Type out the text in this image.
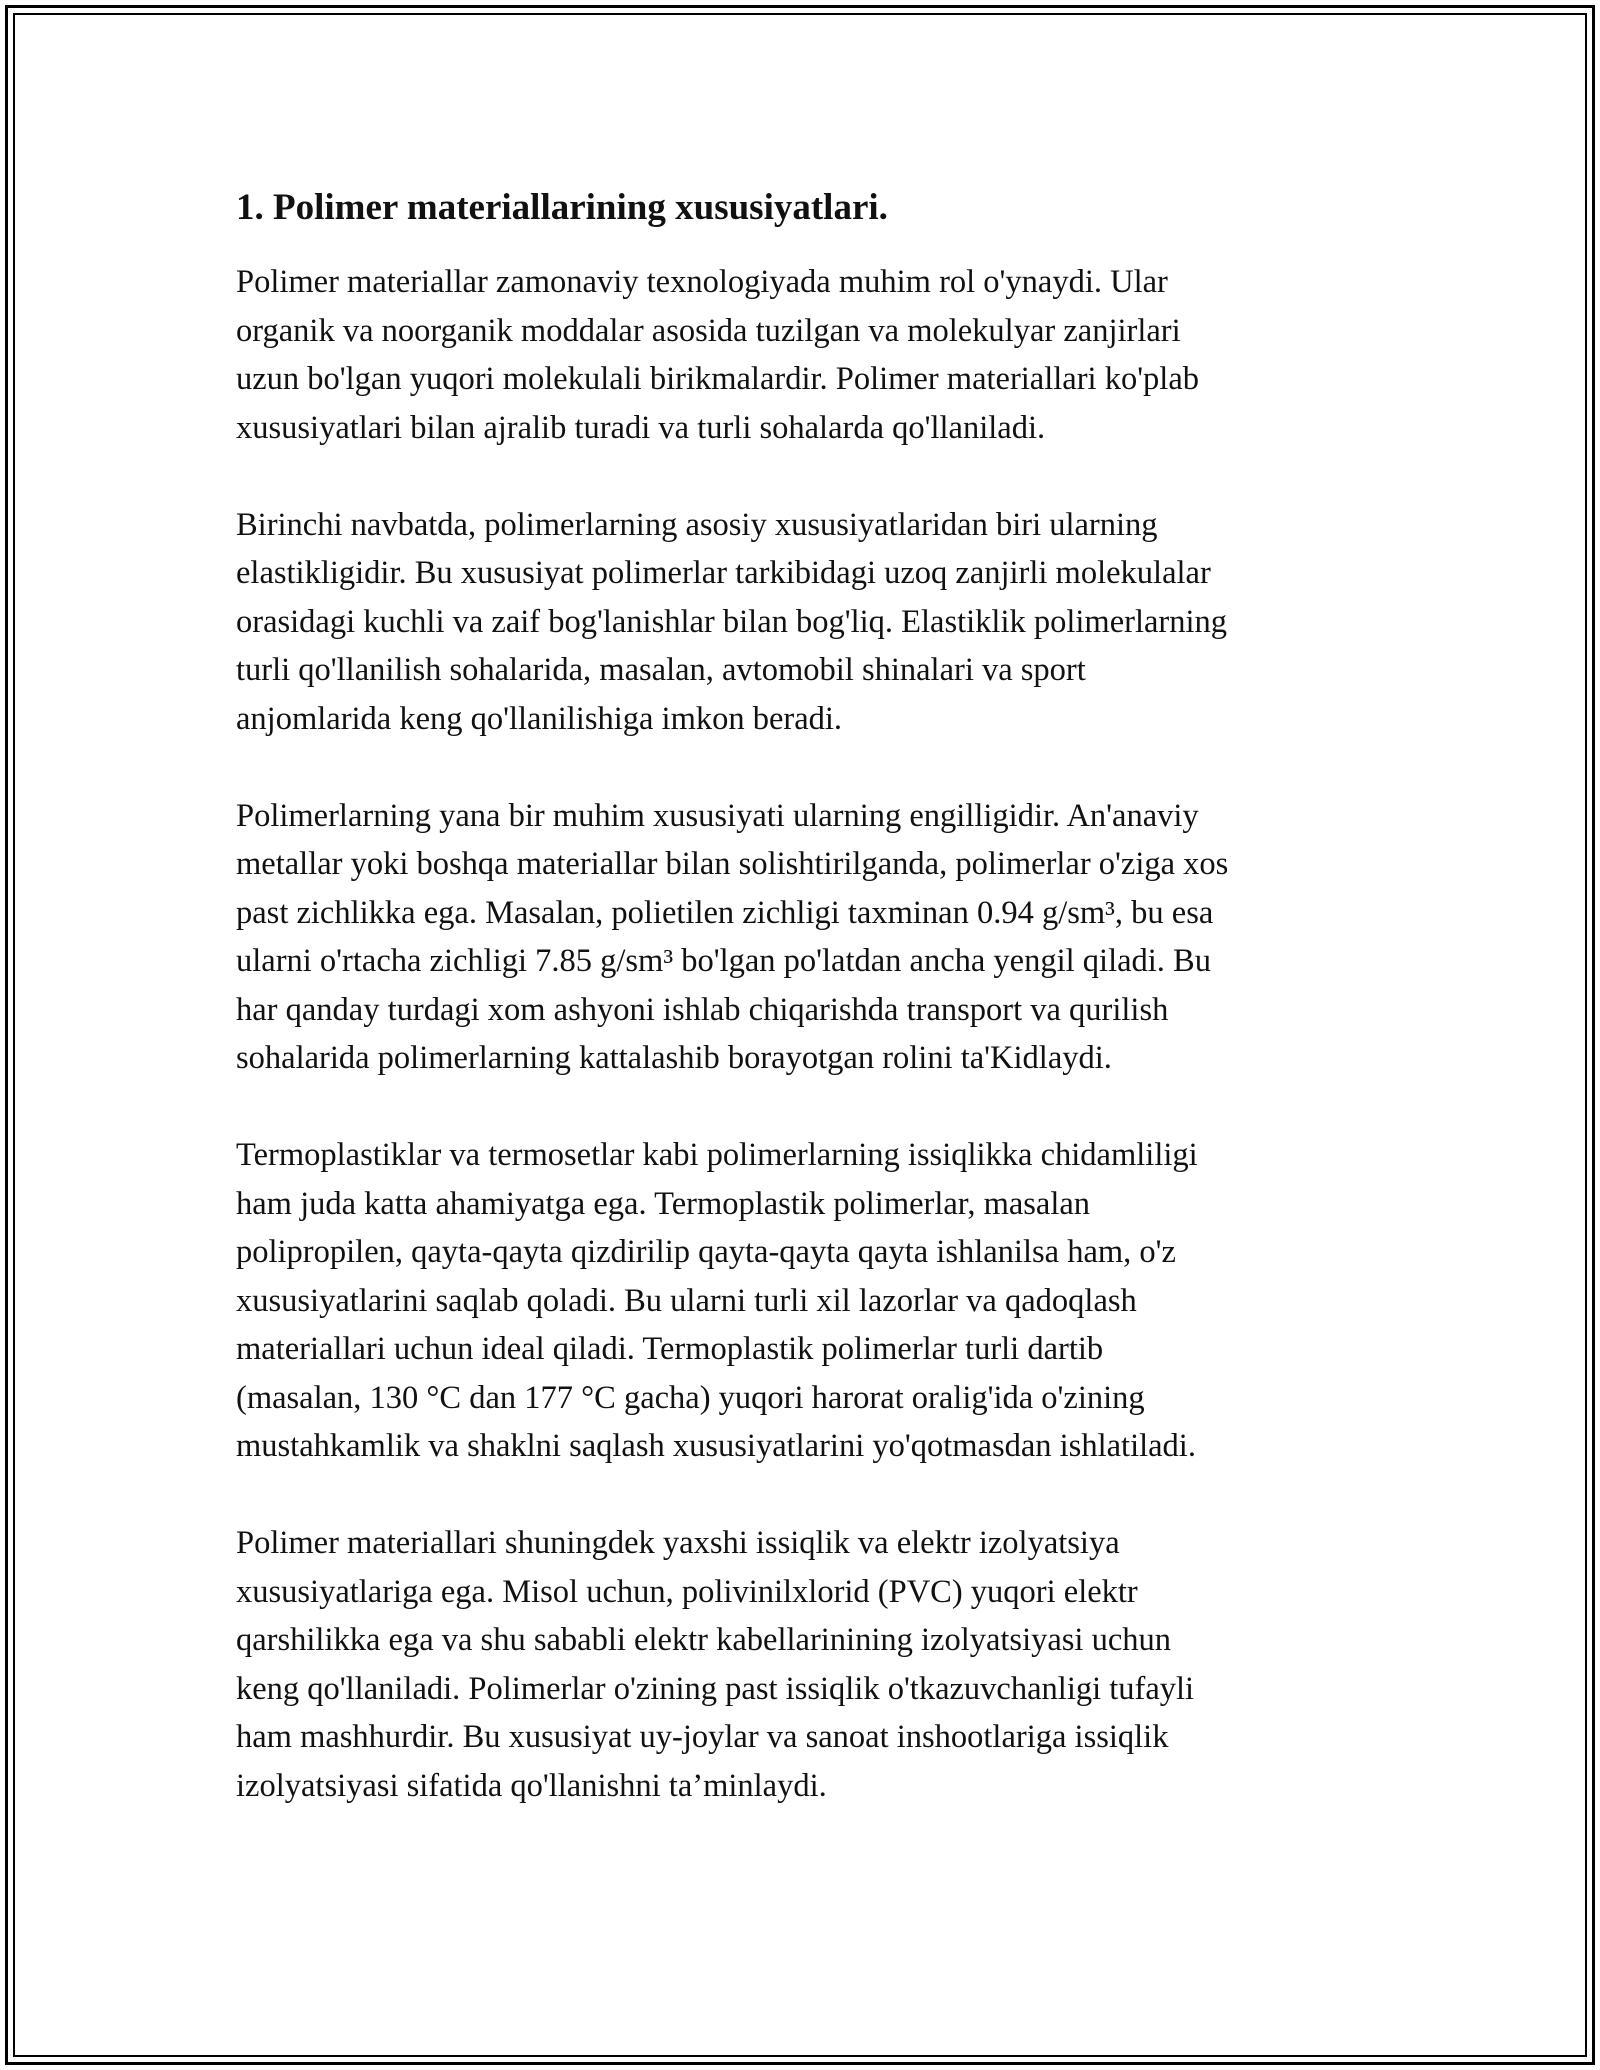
1. Polimer materiallarining xususiyatlari.

Polimer materiallar zamonaviy texnologiyada muhim rol o'ynaydi. Ular
organik va noorganik moddalar asosida tuzilgan va molekulyar zanjirlari
uzun bo'lgan yuqori molekulali birikmalardir. Polimer materiallari ko'plab
xususiyatlari bilan ajralib turadi va turli sohalarda qo'llaniladi.

Birinchi navbatda, polimerlarning asosiy xususiyatlaridan biri ularning
elastikligidir. Bu xususiyat polimerlar tarkibidagi uzoq zanjirli molekulalar
orasidagi kuchli va zaif bog'lanishlar bilan bog'liq. Elastiklik polimerlarning
turli qo'llanilish sohalarida, masalan, avtomobil shinalari va sport
anjomlarida keng qo'llanilishiga imkon beradi.

Polimerlarning yana bir muhim xususiyati ularning engilligidir. An'anaviy
metallar yoki boshqa materiallar bilan solishtirilganda, polimerlar o'ziga xos
past zichlikka ega. Masalan, polietilen zichligi taxminan 0.94 g/sm³, bu esa
ularni o'rtacha zichligi 7.85 g/sm³ bo'lgan po'latdan ancha yengil qiladi. Bu
har qanday turdagi xom ashyoni ishlab chiqarishda transport va qurilish
sohalarida polimerlarning kattalashib borayotgan rolini ta'Kidlaydi.

Termoplastiklar va termosetlar kabi polimerlarning issiqlikka chidamliligi
ham juda katta ahamiyatga ega. Termoplastik polimerlar, masalan
polipropilen, qayta-qayta qizdirilip qayta-qayta qayta ishlanilsa ham, o'z
xususiyatlarini saqlab qoladi. Bu ularni turli xil lazorlar va qadoqlash
materiallari uchun ideal qiladi. Termoplastik polimerlar turli dartib
(masalan, 130 °C dan 177 °C gacha) yuqori harorat oralig'ida o'zining
mustahkamlik va shaklni saqlash xususiyatlarini yo'qotmasdan ishlatiladi.

Polimer materiallari shuningdek yaxshi issiqlik va elektr izolyatsiya
xususiyatlariga ega. Misol uchun, polivinilxlorid (PVC) yuqori elektr
qarshilikka ega va shu sababli elektr kabellarinining izolyatsiyasi uchun
keng qo'llaniladi. Polimerlar o'zining past issiqlik o'tkazuvchanligi tufayli
ham mashhurdir. Bu xususiyat uy-joylar va sanoat inshootlariga issiqlik
izolyatsiyasi sifatida qo'llanishni ta’minlaydi.
